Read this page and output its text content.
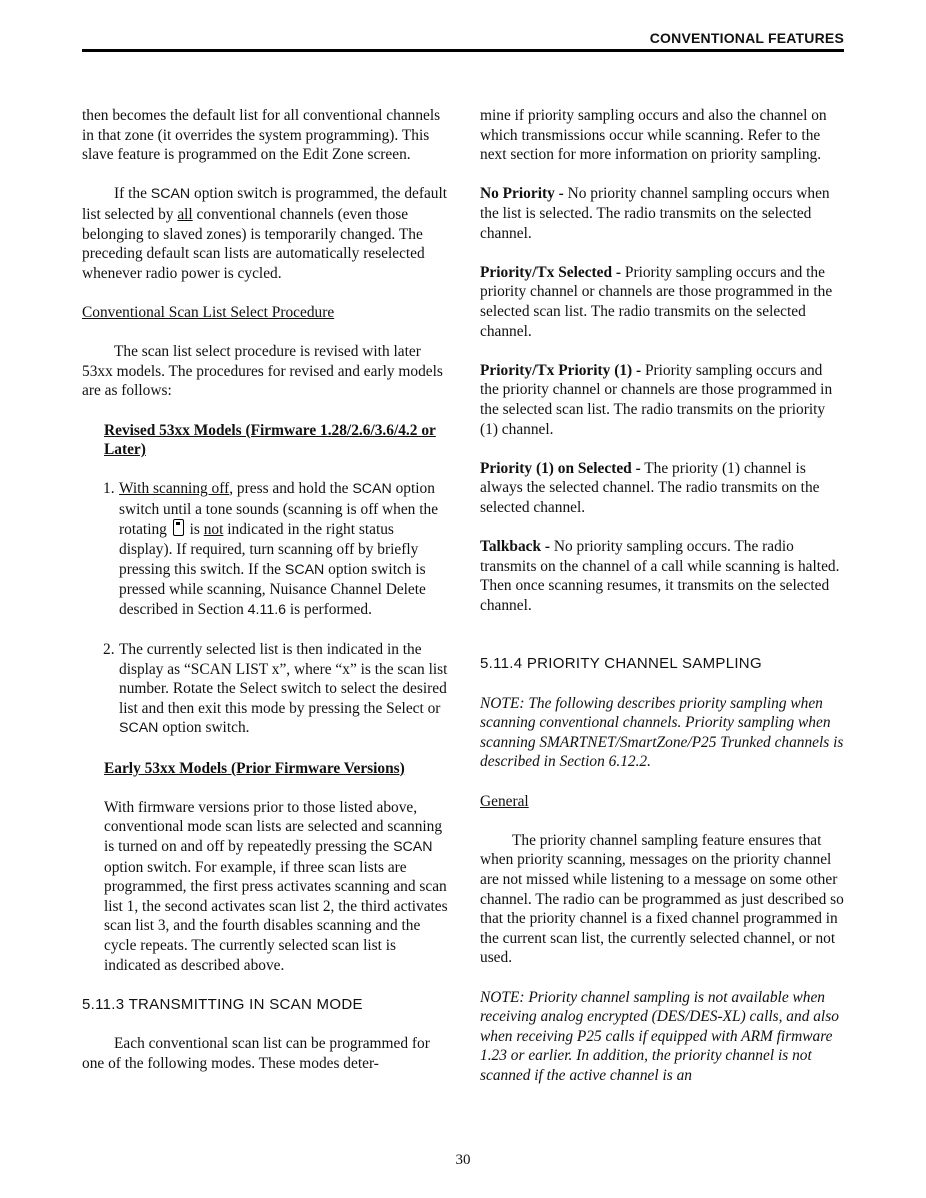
CONVENTIONAL FEATURES

then becomes the default list for all conventional channels in that zone (it overrides the system programming). This slave feature is programmed on the Edit Zone screen.

If the SCAN option switch is programmed, the default list selected by all conventional channels (even those belonging to slaved zones) is temporarily changed. The preceding default scan lists are automatically reselected whenever radio power is cycled.

Conventional Scan List Select Procedure

The scan list select procedure is revised with later 53xx models. The procedures for revised and early models are as follows:

Revised 53xx Models (Firmware 1.28/2.6/3.6/4.2 or Later)

1. With scanning off, press and hold the SCAN option switch until a tone sounds (scanning is off when the rotating  is not indicated in the right status display). If required, turn scanning off by briefly pressing this switch. If the SCAN option switch is pressed while scanning, Nuisance Channel Delete described in Section 4.11.6 is performed.
2. The currently selected list is then indicated in the display as “SCAN LIST x”, where “x” is the scan list number. Rotate the Select switch to select the desired list and then exit this mode by pressing the Select or SCAN option switch.

Early 53xx Models (Prior Firmware Versions)

With firmware versions prior to those listed above, conventional mode scan lists are selected and scanning is turned on and off by repeatedly pressing the SCAN option switch. For example, if three scan lists are programmed, the first press activates scanning and scan list 1, the second activates scan list 2, the third activates scan list 3, and the fourth disables scanning and the cycle repeats. The currently selected scan list is indicated as described above.

5.11.3 TRANSMITTING IN SCAN MODE

Each conventional scan list can be programmed for one of the following modes. These modes deter-

mine if priority sampling occurs and also the channel on which transmissions occur while scanning. Refer to the next section for more information on priority sampling.

No Priority - No priority channel sampling occurs when the list is selected. The radio transmits on the selected channel.

Priority/Tx Selected - Priority sampling occurs and the priority channel or channels are those programmed in the selected scan list. The radio transmits on the selected channel.

Priority/Tx Priority (1) - Priority sampling occurs and the priority channel or channels are those programmed in the selected scan list. The radio transmits on the priority (1) channel.

Priority (1) on Selected - The priority (1) channel is always the selected channel. The radio transmits on the selected channel.

Talkback - No priority sampling occurs. The radio transmits on the channel of a call while scanning is halted. Then once scanning resumes, it transmits on the selected channel.

5.11.4 PRIORITY CHANNEL SAMPLING

NOTE: The following describes priority sampling when scanning conventional channels. Priority sampling when scanning SMARTNET/SmartZone/P25 Trunked channels is described in Section 6.12.2.

General

The priority channel sampling feature ensures that when priority scanning, messages on the priority channel are not missed while listening to a message on some other channel. The radio can be programmed as just described so that the priority channel is a fixed channel programmed in the current scan list, the currently selected channel, or not used.

NOTE: Priority channel sampling is not available when receiving analog encrypted (DES/DES-XL) calls, and also when receiving P25 calls if equipped with ARM firmware 1.23 or earlier. In addition, the priority channel is not scanned if the active channel is an

30
